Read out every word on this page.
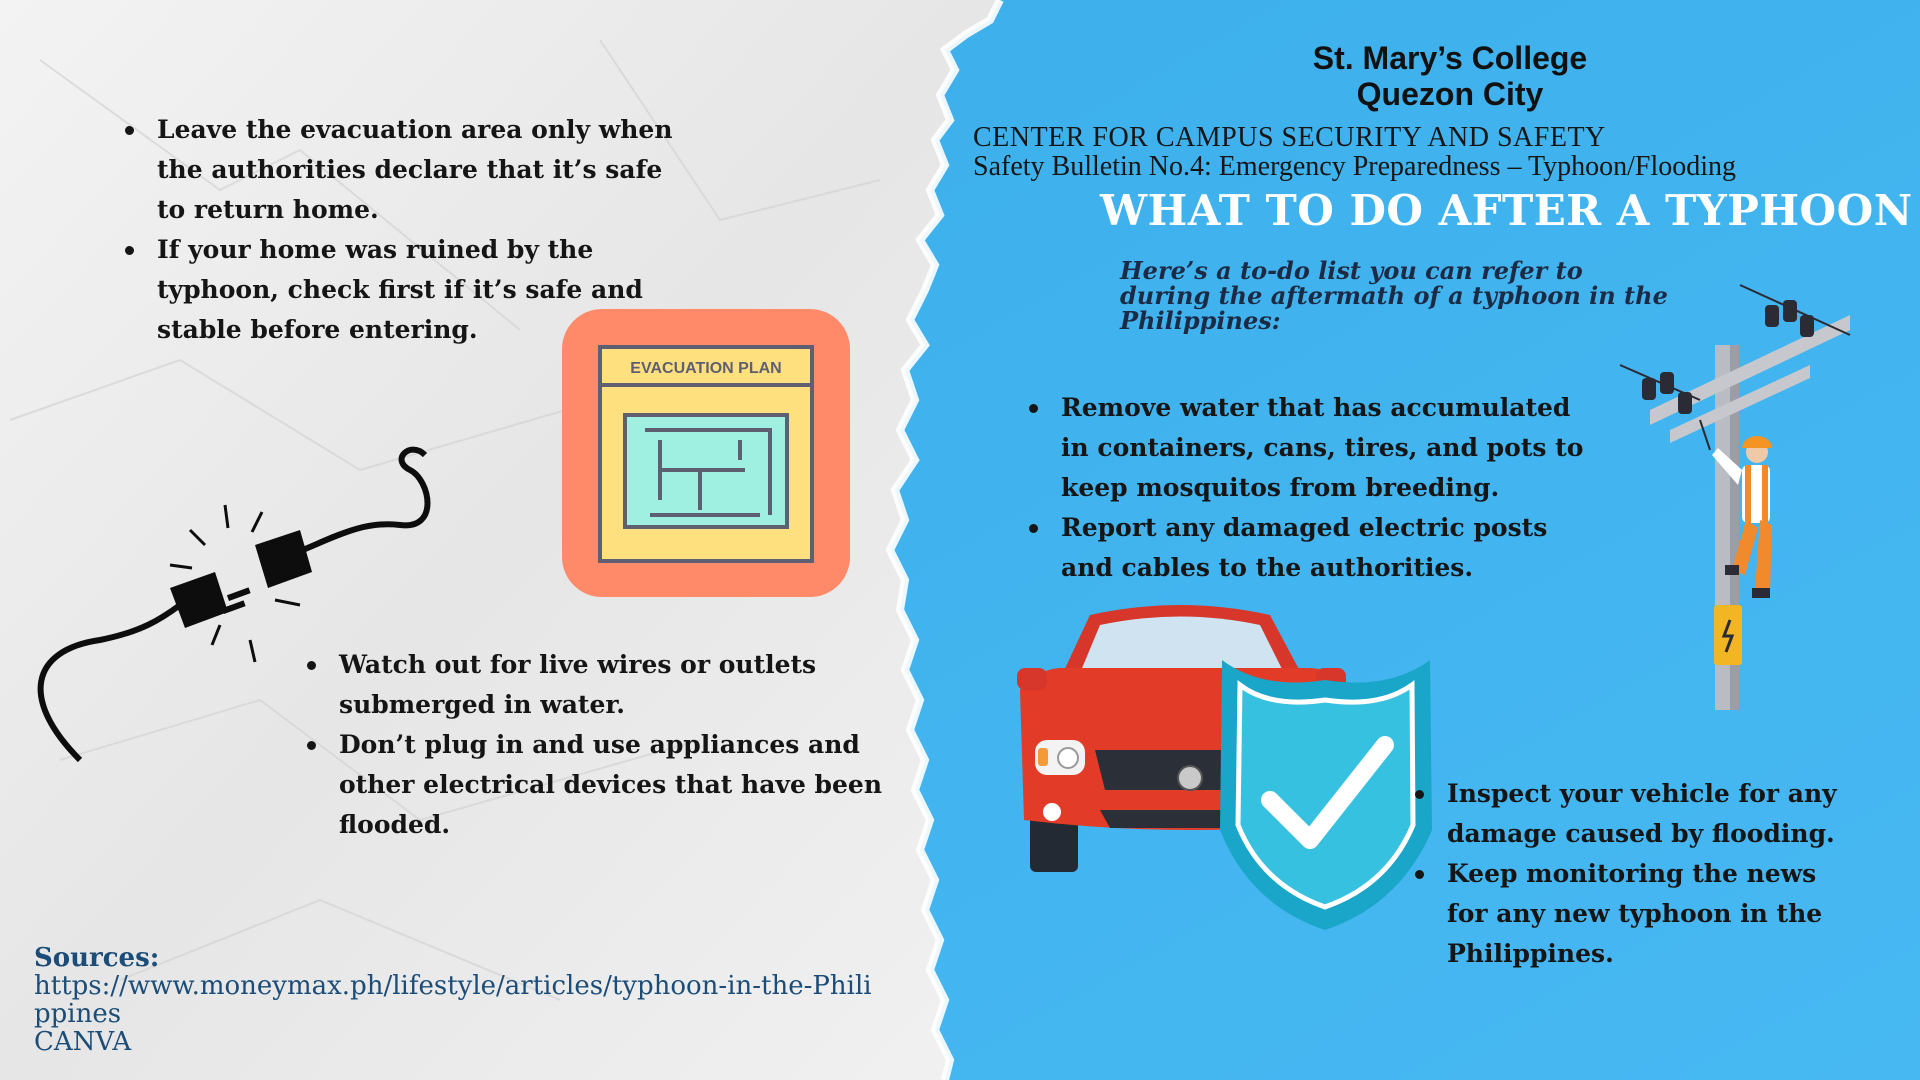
EVACUATION PLAN
St. Mary’s College
Quezon City
CENTER FOR CAMPUS SECURITY AND SAFETY
Safety Bulletin No.4: Emergency Preparedness – Typhoon/Flooding
WHAT TO DO AFTER A TYPHOON
Here’s a to-do list you can refer to during the aftermath of a typhoon in the Philippines:
Leave the evacuation area only when the authorities declare that it’s safe to return home.
If your home was ruined by the typhoon, check first if it’s safe and stable before entering.
Watch out for live wires or outlets submerged in water.
Don’t plug in and use appliances and other electrical devices that have been flooded.
Remove water that has accumulated in containers, cans, tires, and pots to keep mosquitos from breeding.
Report any damaged electric posts and cables to the authorities.
Inspect your vehicle for any damage caused by flooding.
Keep monitoring the news for any new typhoon in the Philippines.
Sources:
https://www.moneymax.ph/lifestyle/articles/typhoon-in-the-Philippines
CANVA
